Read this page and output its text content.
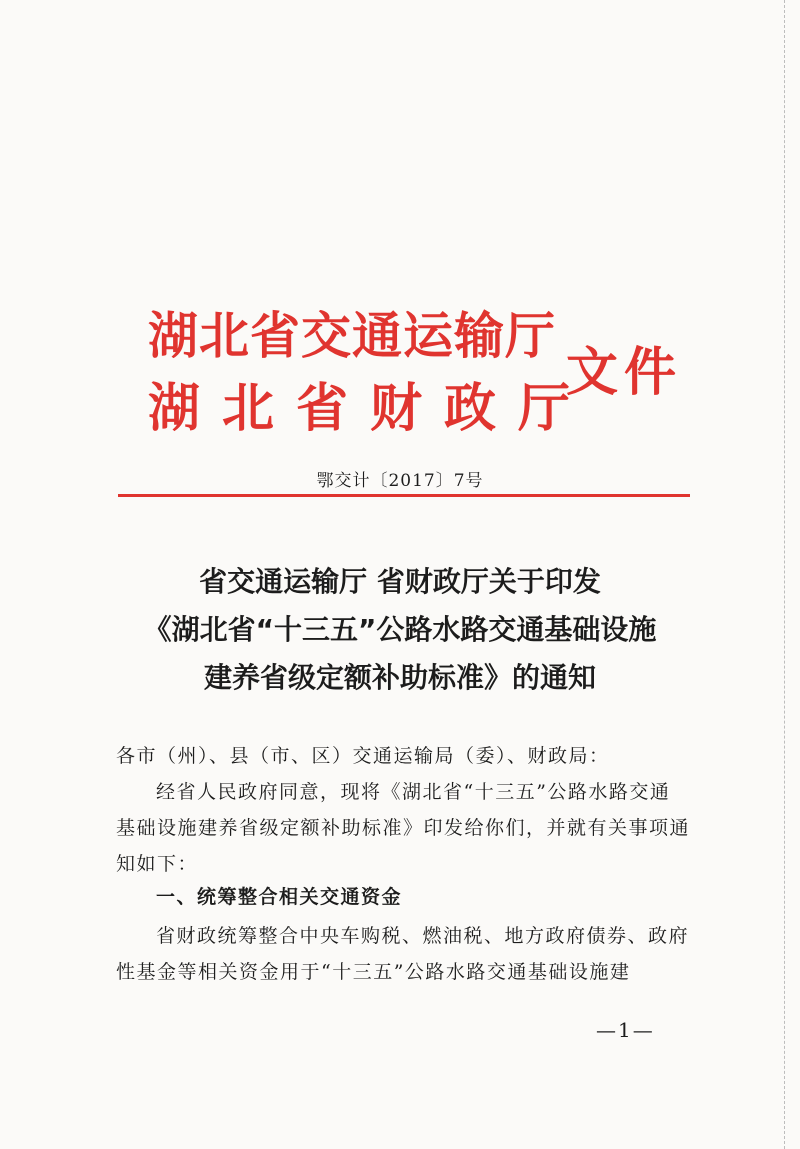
湖北省交通运输厅
湖北省财政厅
文件
鄂交计〔2017〕7号
省交通运输厅 省财政厅关于印发
《湖北省“十三五”公路水路交通基础设施
建养省级定额补助标准》的通知
各市（州）、县（市、区）交通运输局（委）、财政局：
经省人民政府同意，现将《湖北省“十三五”公路水路交通基础设施建养省级定额补助标准》印发给你们，并就有关事项通知如下：
一、统筹整合相关交通资金
省财政统筹整合中央车购税、燃油税、地方政府债券、政府性基金等相关资金用于“十三五”公路水路交通基础设施建
—1—
